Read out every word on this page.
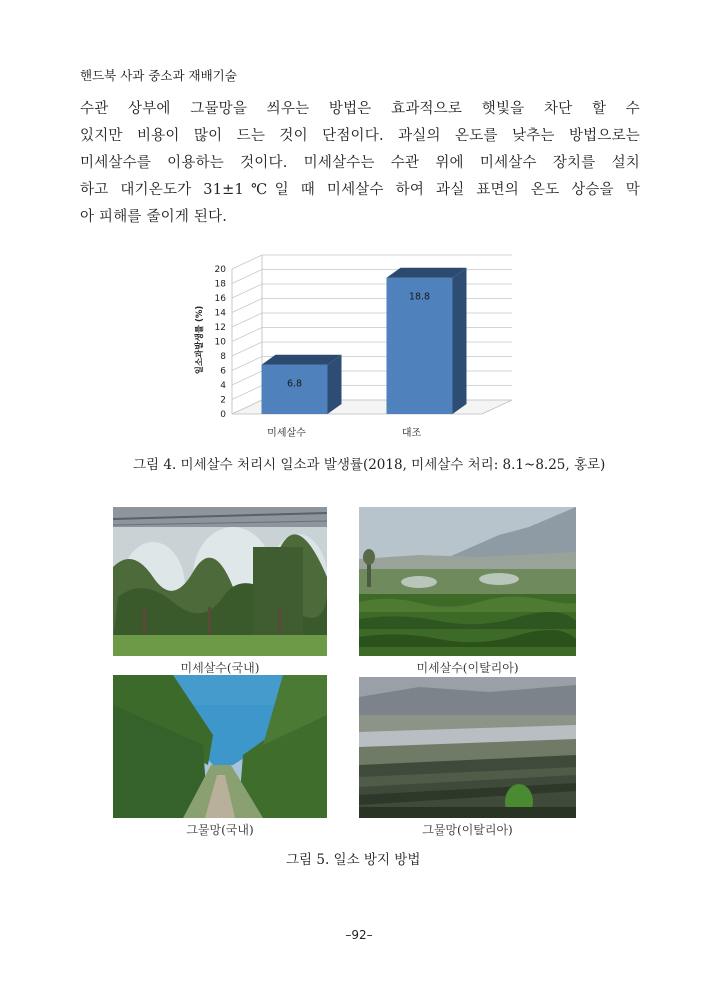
핸드북 사과 중소과 재배기술
수관 상부에 그물망을 씌우는 방법은 효과적으로 햇빛을 차단 할 수
있지만 비용이 많이 드는 것이 단점이다. 과실의 온도를 낮추는 방법으로는
미세살수를 이용하는 것이다. 미세살수는 수관 위에 미세살수 장치를 설치
하고 대기온도가 31±1℃일 때 미세살수 하여 과실 표면의 온도 상승을 막
아 피해를 줄이게 된다.
0
2
4
6
8
10
12
14
16
18
20
6.8
18.8
미세살수	대조
일소과발생률 (%)
그림 4. 미세살수 처리시 일소과 발생률(2018, 미세살수 처리: 8.1~8.25, 홍로)
미세살수(국내)	미세살수(이탈리아)
그물망(국내)	그물망(이탈리아)
그림 5. 일소 방지 방법
–92–
